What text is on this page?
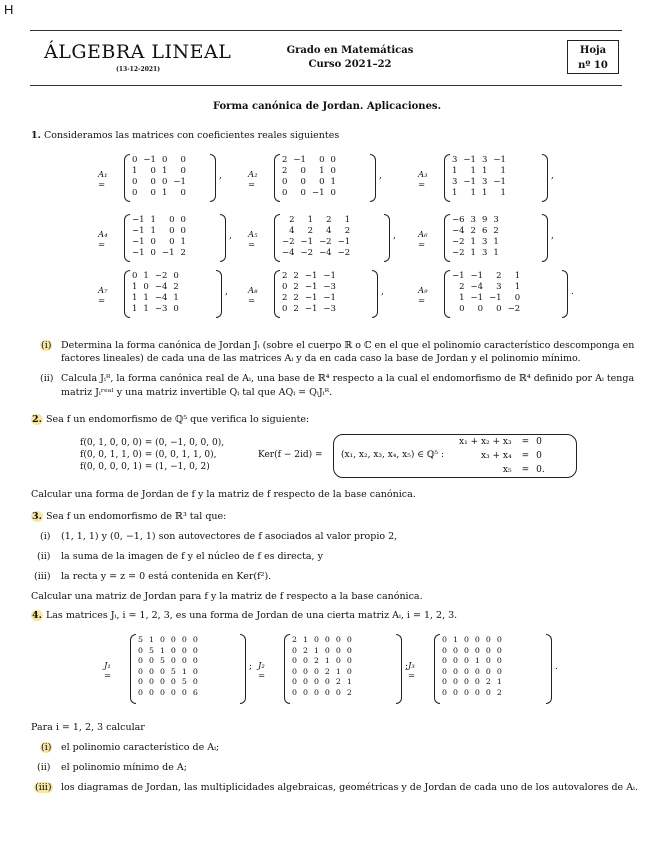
H
ÁLGEBRA LINEAL
(13-12-2021)
Grado en Matemáticas
Curso 2021–22
Hoja
nº 10
Forma canónica de Jordan. Aplicaciones.
1. Consideramos las matrices con coeficientes reales siguientes
A₁ =
0	−1	0	0
1	0	1	0
0	0	0	−1
0	0	1	0
,	A₂ =
2	−1	0	0
2	0	1	0
0	0	0	1
0	0	−1	0
,	A₃ =
3	−1	3	−1
1	1	1	1
3	−1	3	−1
1	1	1	1
,
A₄ =
−1	1	0	0
−1	1	0	0
−1	0	0	1
−1	0	−1	2
, A₅ =
2	1	2	1
4	2	4	2
−2	−1	−2	−1
−4	−2	−4	−2
,	A₆ =
−6	3	9	3
−4	2	6	2
−2	1	3	1
−2	1	3	1
,
A₇ =
0	1	−2	0
1	0	−4	2
1	1	−4	1
1	1	−3	0
, A₈ =
2	2	−1	−1
0	2	−1	−3
2	2	−1	−1
0	2	−1	−3
,	A₉ =
−1	−1	2	1
2	−4	3	1
1	−1	−1	0
0	0	0	−2
.
(i) Determina la forma canónica de Jordan Jᵢ (sobre el cuerpo ℝ o ℂ en el que el polinomio característico descomponga en
factores lineales) de cada una de las matrices Aᵢ y da en cada caso la base de Jordan y el polinomio mínimo.
(ii) Calcula Jᵢᴿ, la forma canónica real de Aᵢ, una base de ℝ⁴ respecto a la cual el endomorfismo de ℝ⁴ definido por Aᵢ tenga
matriz Jᵢʳᵉᵃˡ y una matriz invertible Qᵢ tal que AQᵢ = QᵢJᵢᴿ.
2. Sea f un endomorfismo de ℚ⁵ que verifica lo siguiente:
f(0, 1, 0, 0, 0) = (0, −1, 0, 0, 0),
f(0, 0, 1, 1, 0) = (0, 0, 1, 1, 0),
f(0, 0, 0, 0, 1) = (1, −1, 0, 2)
Ker(f − 2id) = (x₁, x₂, x₃, x₄, x₅) ∈ ℚ⁵ :
x₁ + x₂ + x₃	=	0
x₃ + x₄	=	0
x₅	=	0.
Calcular una forma de Jordan de f y la matriz de f respecto de la base canónica.
3. Sea f un endomorfismo de ℝ³ tal que:
(i) (1, 1, 1) y (0, −1, 1) son autovectores de f asociados al valor propio 2,
(ii) la suma de la imagen de f y el núcleo de f es directa, y
(iii) la recta y = z = 0 está contenida en Ker(f²).
Calcular una matriz de Jordan para f y la matriz de f respecto a la base canónica.
4. Las matrices Jᵢ, i = 1, 2, 3, es una forma de Jordan de una cierta matriz Aᵢ, i = 1, 2, 3.
J₁ =
5	1	0	0	0	0
0	5	1	0	0	0
0	0	5	0	0	0
0	0	0	5	1	0
0	0	0	0	5	0
0	0	0	0	0	6
; J₂ =
2	1	0	0	0	0
0	2	1	0	0	0
0	0	2	1	0	0
0	0	0	2	1	0
0	0	0	0	2	1
0	0	0	0	0	2
; J₃ =
0	1	0	0	0	0
0	0	0	0	0	0
0	0	0	1	0	0
0	0	0	0	0	0
0	0	0	0	2	1
0	0	0	0	0	2
.
Para i = 1, 2, 3 calcular
(i) el polinomio característico de Aᵢ;
(ii) el polinomio mínimo de A;
(iii) los diagramas de Jordan, las multiplicidades algebraicas, geométricas y de Jordan de cada uno de los autovalores de Aᵢ.
